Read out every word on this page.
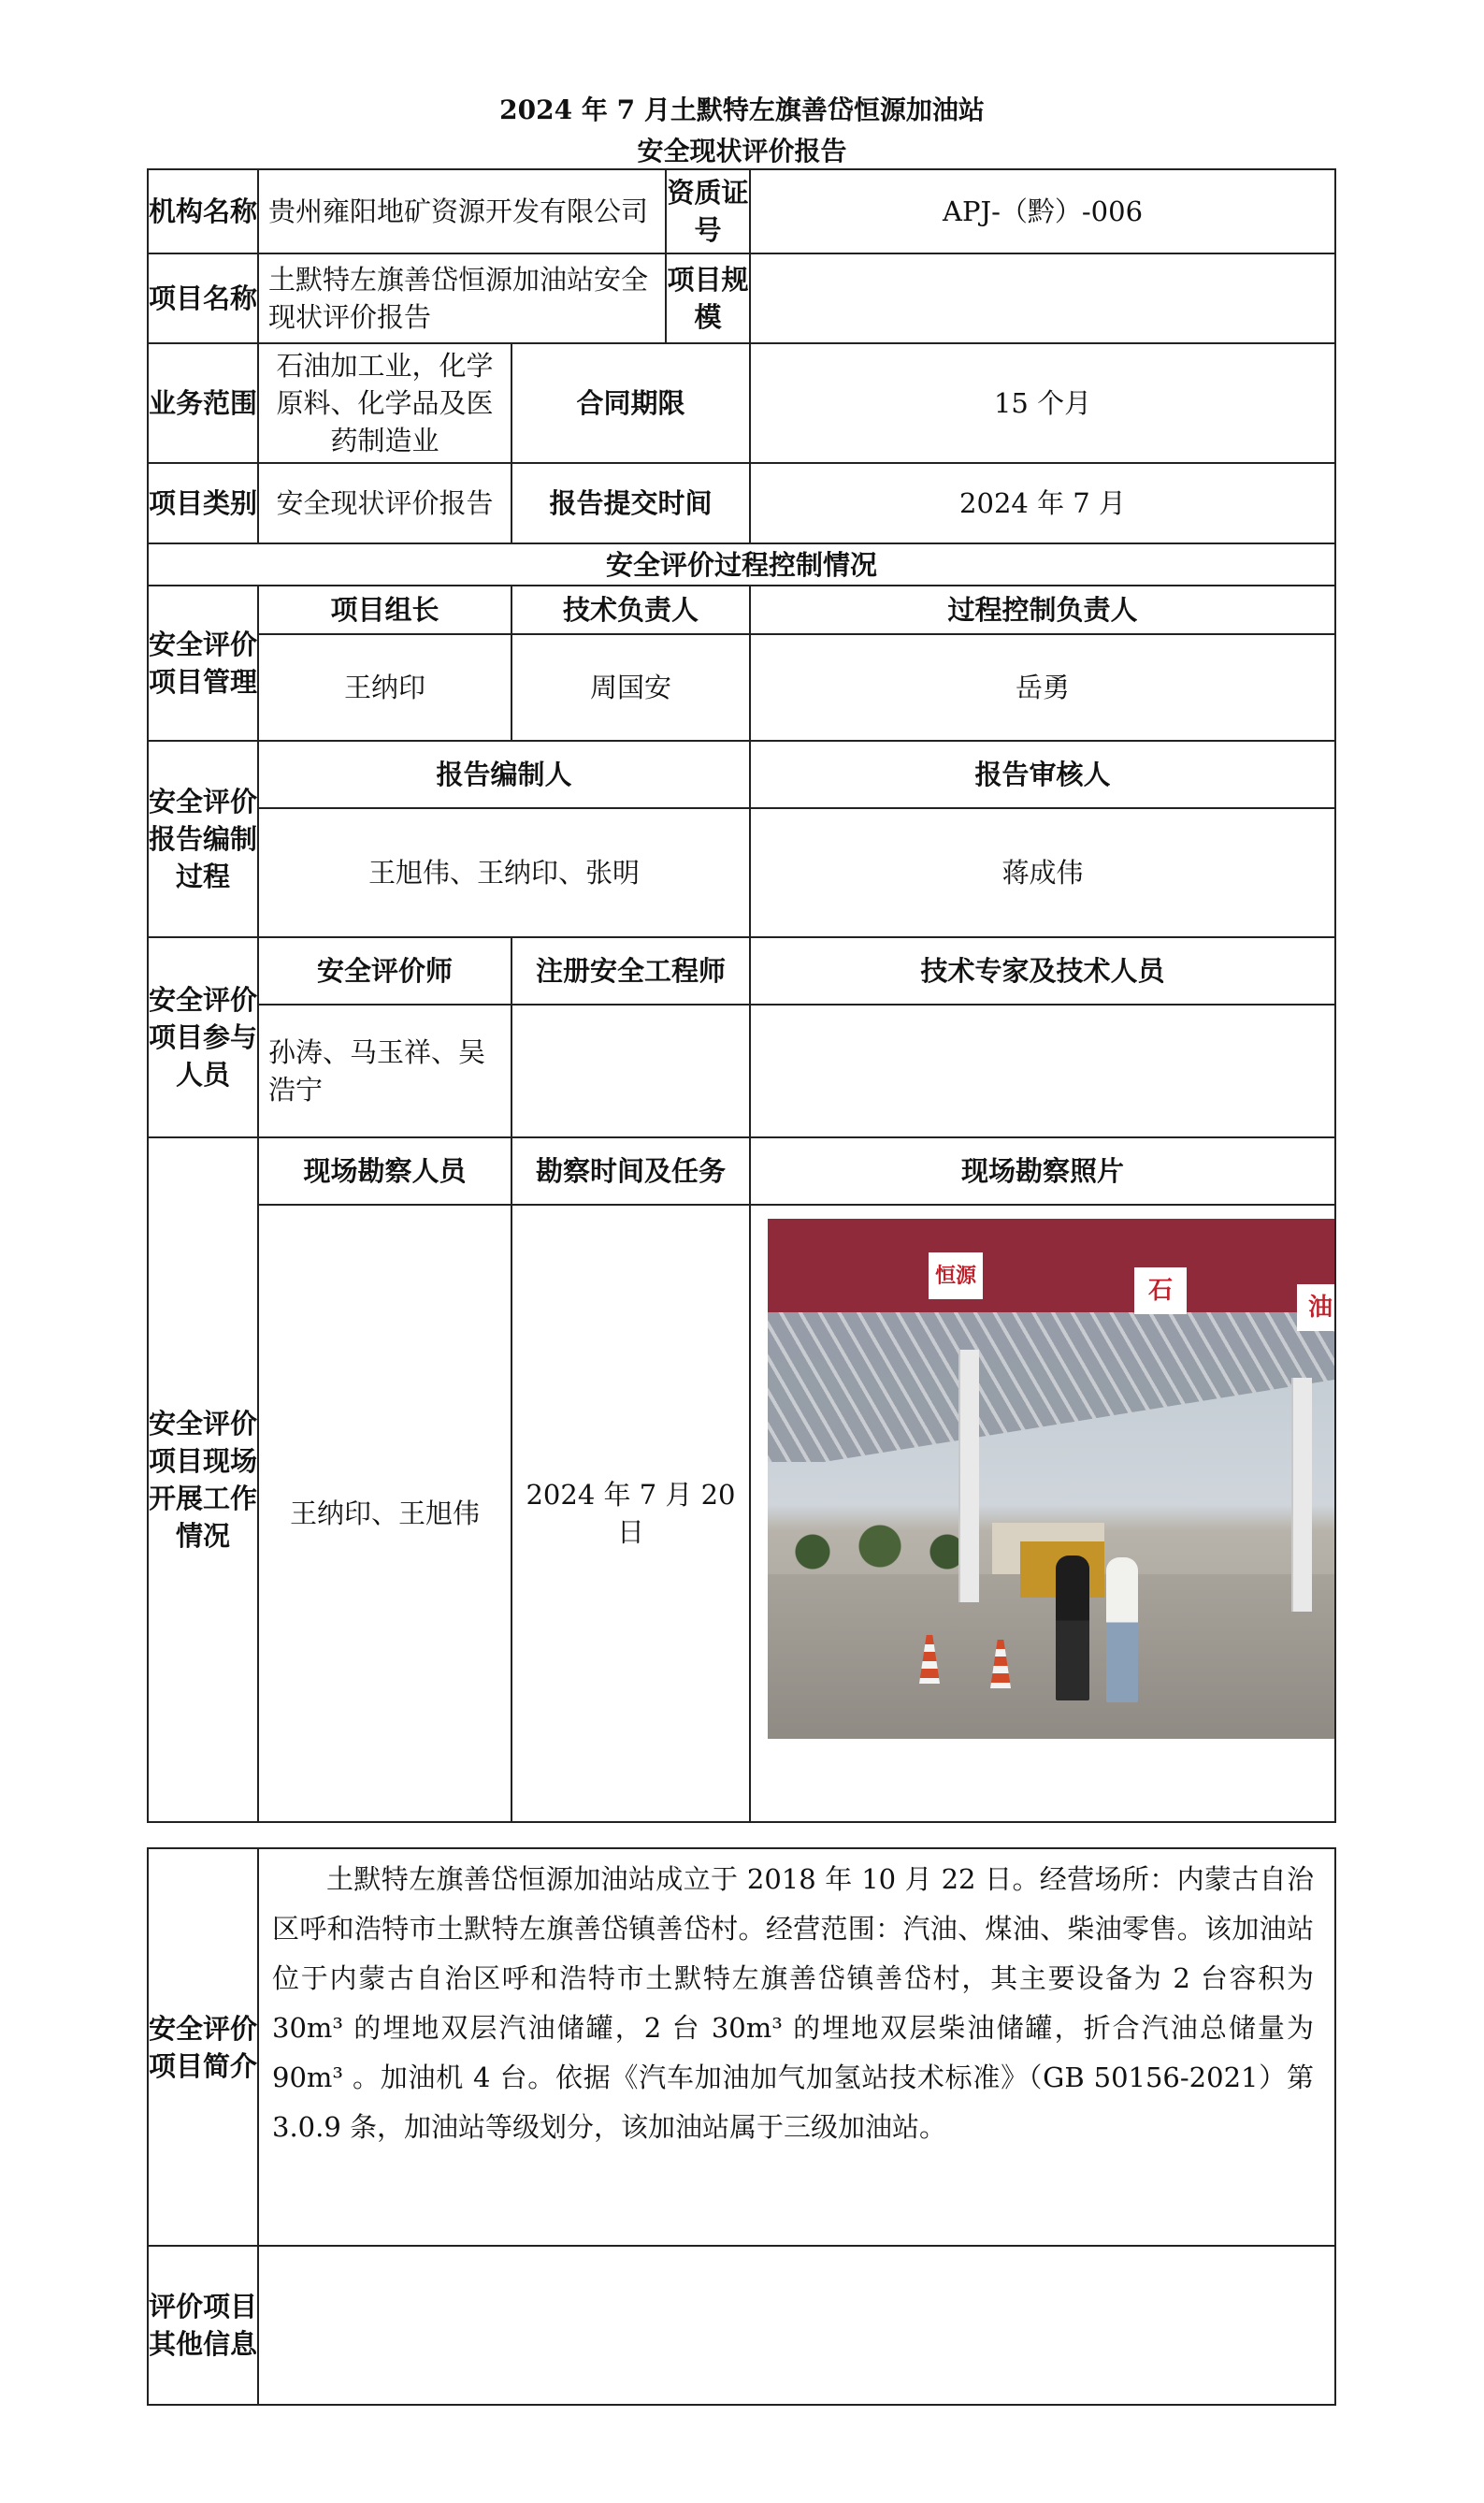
2024 年 7 月土默特左旗善岱恒源加油站
安全现状评价报告
机构名称	贵州雍阳地矿资源开发有限公司		资质证号	APJ-（黔）-006
项目名称	土默特左旗善岱恒源加油站安全现状评价报告		项目规模	
业务范围	石油加工业，化学原料、化学品及医药制造业	合同期限		15 个月
项目类别	安全现状评价报告	报告提交时间		2024 年 7 月
安全评价过程控制情况				
安全评价项目管理	项目组长	技术负责人		过程控制负责人
	王纳印	周国安		岳勇
安全评价报告编制过程	报告编制人			报告审核人
	王旭伟、王纳印、张明			蒋成伟
安全评价项目参与人员	安全评价师	注册安全工程师		技术专家及技术人员
	孙涛、马玉祥、吴浩宁			
安全评价项目现场开展工作情况	现场勘察人员	勘察时间及任务		现场勘察照片
	王纳印、王旭伟	2024 年 7 月 20 日		恒源
石
油
安全评价项目简介	土默特左旗善岱恒源加油站成立于 2018 年 10 月 22 日。经营场所：内蒙古自治区呼和浩特市土默特左旗善岱镇善岱村。经营范围：汽油、煤油、柴油零售。该加油站位于内蒙古自治区呼和浩特市土默特左旗善岱镇善岱村，其主要设备为 2 台容积为 30m³ 的埋地双层汽油储罐，2 台 30m³ 的埋地双层柴油储罐，折合汽油总储量为 90m³ 。加油机 4 台。依据《汽车加油加气加氢站技术标准》（GB 50156-2021）第 3.0.9 条，加油站等级划分，该加油站属于三级加油站。
评价项目其他信息	
